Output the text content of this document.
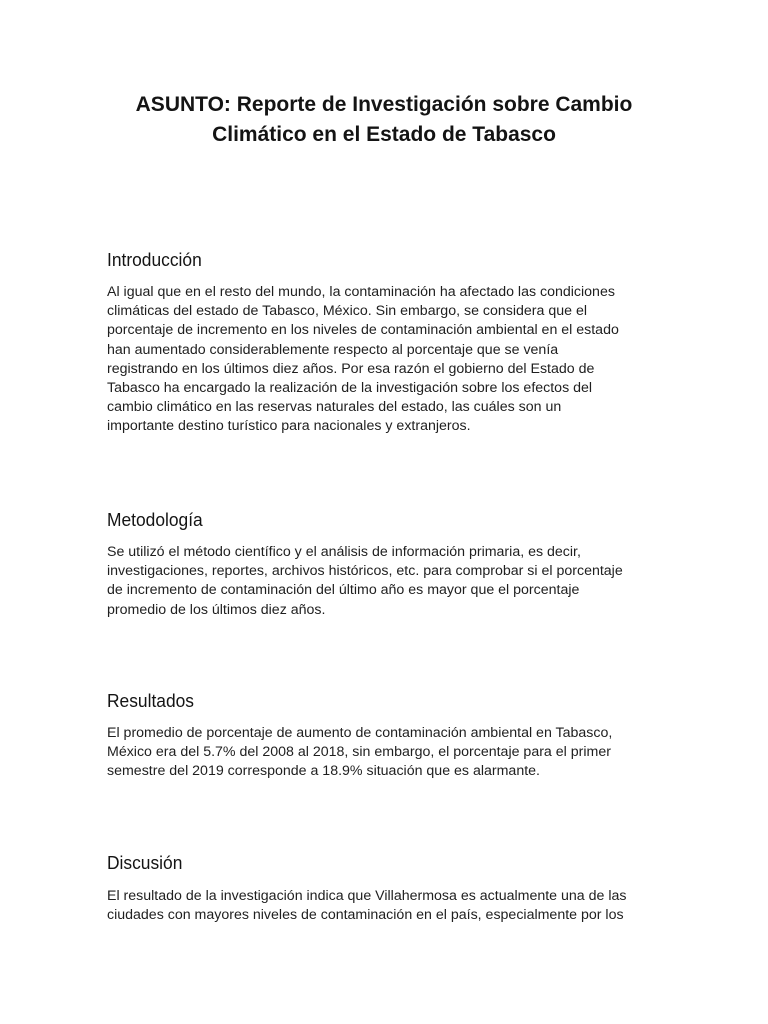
ASUNTO: Reporte de Investigación sobre Cambio
Climático en el Estado de Tabasco
Introducción

Al igual que en el resto del mundo, la contaminación ha afectado las condiciones
climáticas del estado de Tabasco, México. Sin embargo, se considera que el
porcentaje de incremento en los niveles de contaminación ambiental en el estado
han aumentado considerablemente respecto al porcentaje que se venía
registrando en los últimos diez años. Por esa razón el gobierno del Estado de
Tabasco ha encargado la realización de la investigación sobre los efectos del
cambio climático en las reservas naturales del estado, las cuáles son un
importante destino turístico para nacionales y extranjeros.

Metodología

Se utilizó el método científico y el análisis de información primaria, es decir,
investigaciones, reportes, archivos históricos, etc. para comprobar si el porcentaje
de incremento de contaminación del último año es mayor que el porcentaje
promedio de los últimos diez años.

Resultados

El promedio de porcentaje de aumento de contaminación ambiental en Tabasco,
México era del 5.7% del 2008 al 2018, sin embargo, el porcentaje para el primer
semestre del 2019 corresponde a 18.9% situación que es alarmante.

Discusión

El resultado de la investigación indica que Villahermosa es actualmente una de las
ciudades con mayores niveles de contaminación en el país, especialmente por los
